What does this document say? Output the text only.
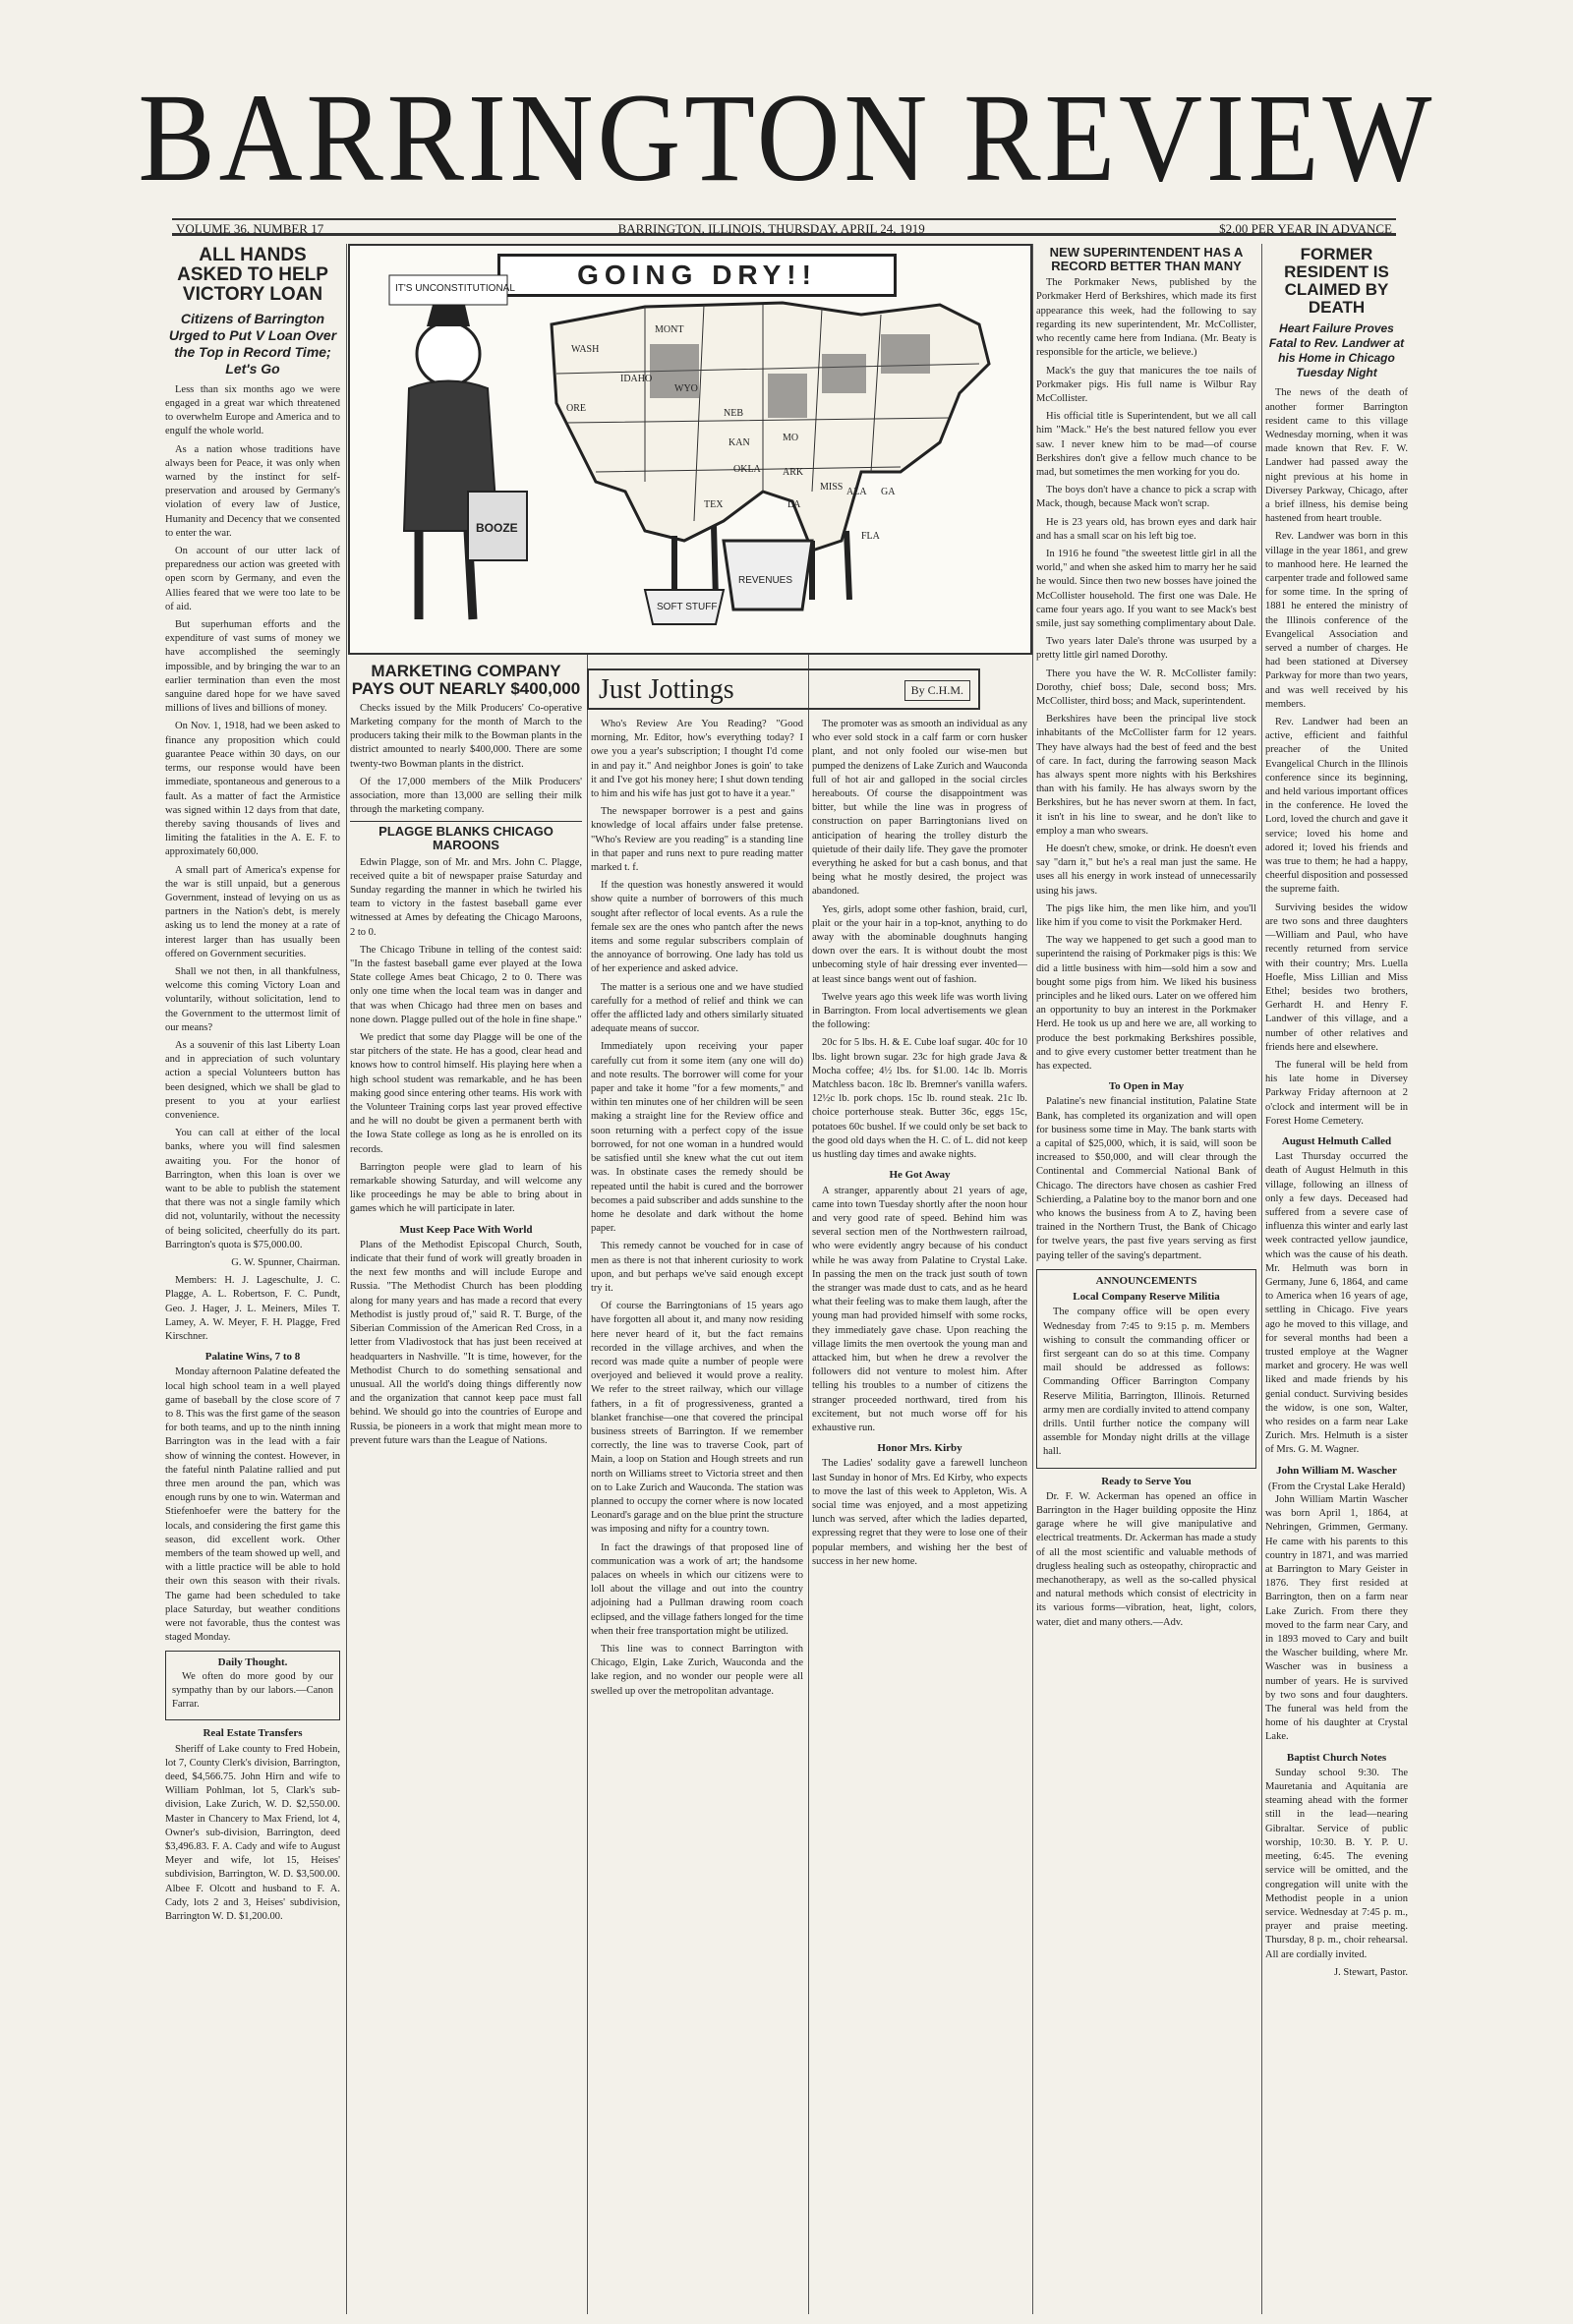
BARRINGTON REVIEW
VOLUME 36, NUMBER 17	BARRINGTON, ILLINOIS, THURSDAY, APRIL 24, 1919	$2.00 PER YEAR IN ADVANCE
ALL HANDS ASKED TO HELP VICTORY LOAN
Citizens of Barrington Urged to Put V Loan Over the Top in Record Time; Let's Go

Less than six months ago we were engaged in a great war which threatened to overwhelm Europe and America and to engulf the whole world.

As a nation whose traditions have always been for Peace, it was only when warned by the instinct for self-preservation and aroused by Germany's violation of every law of Justice, Humanity and Decency that we consented to enter the war.

On account of our utter lack of preparedness our action was greeted with open scorn by Germany, and even the Allies feared that we were too late to be of aid.

But superhuman efforts and the expenditure of vast sums of money we have accomplished the seemingly impossible, and by bringing the war to an earlier termination than even the most sanguine dared hope for we have saved millions of lives and billions of money.

On Nov. 1, 1918, had we been asked to finance any proposition which could guarantee Peace within 30 days, on our terms, our response would have been immediate, spontaneous and generous to a fault. As a matter of fact the Armistice was signed within 12 days from that date, thereby saving thousands of lives and limiting the fatalities in the A. E. F. to approximately 60,000.

A small part of America's expense for the war is still unpaid, but a generous Government, instead of levying on us as partners in the Nation's debt, is merely asking us to lend the money at a rate of interest larger than has usually been offered on Government securities.

Shall we not then, in all thankfulness, welcome this coming Victory Loan and voluntarily, without solicitation, lend to the Government to the uttermost limit of our means?

As a souvenir of this last Liberty Loan and in appreciation of such voluntary action a special Volunteers button has been designed, which we shall be glad to present to you at your earliest convenience.

You can call at either of the local banks, where you will find salesmen awaiting you. For the honor of Barrington, when this loan is over we want to be able to publish the statement that there was not a single family which did not, voluntarily, without the necessity of being solicited, cheerfully do its part. Barrington's quota is $75,000.00.

G. W. Spunner, Chairman.

Members: H. J. Lageschulte, J. C. Plagge, A. L. Robertson, F. C. Pundt, Geo. J. Hager, J. L. Meiners, Miles T. Lamey, A. W. Meyer, F. H. Plagge, Fred Kirschner.

Palatine Wins, 7 to 8

Monday afternoon Palatine defeated the local high school team in a well played game of baseball by the close score of 7 to 8. This was the first game of the season for both teams, and up to the ninth inning Barrington was in the lead with a fair show of winning the contest. However, in the fateful ninth Palatine rallied and put three men around the pan, which was enough runs by one to win. Waterman and Stiefenhoefer were the battery for the locals, and considering the first game this season, did excellent work. Other members of the team showed up well, and with a little practice will be able to hold their own this season with their rivals. The game had been scheduled to take place Saturday, but weather conditions were not favorable, thus the contest was staged Monday.

Daily Thought.

We often do more good by our sympathy than by our labors.—Canon Farrar.

Real Estate Transfers

Sheriff of Lake county to Fred Hobein, lot 7, County Clerk's division, Barrington, deed, $4,566.75. John Hirn and wife to William Pohlman, lot 5, Clark's sub-division, Lake Zurich, W. D. $2,550.00. Master in Chancery to Max Friend, lot 4, Owner's sub-division, Barrington, deed $3,496.83. F. A. Cady and wife to August Meyer and wife, lot 15, Heises' subdivision, Barrington, W. D. $3,500.00. Albee F. Olcott and husband to F. A. Cady, lots 2 and 3, Heises' subdivision, Barrington W. D. $1,200.00.

GOING DRY!!
IT'S UNCONSTITUTIONAL
BOOZE
SOFT STUFF
REVENUES
WASH
MONT
ORE
IDAHO
WYO
NEB
KAN
OKLA
TEX
MO
ARK
LA
MISS ALA GA
FLA
MARKETING COMPANY PAYS OUT NEARLY $400,000

Checks issued by the Milk Producers' Co-operative Marketing company for the month of March to the producers taking their milk to the Bowman plants in the district amounted to nearly $400,000. There are some twenty-two Bowman plants in the district.

Of the 17,000 members of the Milk Producers' association, more than 13,000 are selling their milk through the marketing company.

PLAGGE BLANKS CHICAGO MAROONS

Edwin Plagge, son of Mr. and Mrs. John C. Plagge, received quite a bit of newspaper praise Saturday and Sunday regarding the manner in which he twirled his team to victory in the fastest baseball game ever witnessed at Ames by defeating the Chicago Maroons, 2 to 0.

The Chicago Tribune in telling of the contest said: "In the fastest baseball game ever played at the Iowa State college Ames beat Chicago, 2 to 0. There was only one time when the local team was in danger and that was when Chicago had three men on bases and none down. Plagge pulled out of the hole in fine shape."

We predict that some day Plagge will be one of the star pitchers of the state. He has a good, clear head and knows how to control himself. His playing here when a high school student was remarkable, and he has been making good since entering other teams. His work with the Volunteer Training corps last year proved effective and he will no doubt be given a permanent berth with the Iowa State college as long as he is enrolled on its records.

Barrington people were glad to learn of his remarkable showing Saturday, and will welcome any like proceedings he may be able to bring about in games which he will participate in later.

Must Keep Pace With World

Plans of the Methodist Episcopal Church, South, indicate that their fund of work will greatly broaden in the next few months and will include Europe and Russia. "The Methodist Church has been plodding along for many years and has made a record that every Methodist is justly proud of," said R. T. Burge, of the Siberian Commission of the American Red Cross, in a letter from Vladivostock that has just been received at headquarters in Nashville. "It is time, however, for the Methodist Church to do something sensational and unusual. All the world's doing things differently now and the organization that cannot keep pace must fall behind. We should go into the countries of Europe and Russia, be pioneers in a work that might mean more to prevent future wars than the League of Nations.

Just Jottings	By C.H.M.

Who's Review Are You Reading? "Good morning, Mr. Editor, how's everything today? I owe you a year's subscription; I thought I'd come in and pay it." And neighbor Jones is goin' to take it and I've got his money here; I shut down tending to him and his wife has just got to have it a year."

The newspaper borrower is a pest and gains knowledge of local affairs under false pretense. "Who's Review are you reading" is a standing line in that paper and runs next to pure reading matter marked t. f.

If the question was honestly answered it would show quite a number of borrowers of this much sought after reflector of local events. As a rule the female sex are the ones who pantch after the news items and some regular subscribers complain of the annoyance of borrowing. One lady has told us of her experience and asked advice.

The matter is a serious one and we have studied carefully for a method of relief and think we can offer the afflicted lady and others similarly situated adequate means of succor.

Immediately upon receiving your paper carefully cut from it some item (any one will do) and note results. The borrower will come for your paper and take it home "for a few moments," and within ten minutes one of her children will be seen making a straight line for the Review office and soon returning with a perfect copy of the issue borrowed, for not one woman in a hundred would be satisfied until she knew what the cut out item was. In obstinate cases the remedy should be repeated until the habit is cured and the borrower becomes a paid subscriber and adds sunshine to the home he desolate and dark without the home paper.

This remedy cannot be vouched for in case of men as there is not that inherent curiosity to work upon, and but perhaps we've said enough except try it.

Of course the Barringtonians of 15 years ago have forgotten all about it, and many now residing here never heard of it, but the fact remains recorded in the village archives, and when the record was made quite a number of people were overjoyed and believed it would prove a reality. We refer to the street railway, which our village fathers, in a fit of progressiveness, granted a blanket franchise—one that covered the principal business streets of Barrington. If we remember correctly, the line was to traverse Cook, part of Main, a loop on Station and Hough streets and run north on Williams street to Victoria street and then on to Lake Zurich and Wauconda. The station was planned to occupy the corner where is now located Leonard's garage and on the blue print the structure was imposing and nifty for a country town.

In fact the drawings of that proposed line of communication was a work of art; the handsome palaces on wheels in which our citizens were to loll about the village and out into the country adjoining had a Pullman drawing room coach eclipsed, and the village fathers longed for the time when their free transportation might be utilized.

This line was to connect Barrington with Chicago, Elgin, Lake Zurich, Wauconda and the lake region, and no wonder our people were all swelled up over the metropolitan advantage.

The promoter was as smooth an individual as any who ever sold stock in a calf farm or corn husker plant, and not only fooled our wise-men but pumped the denizens of Lake Zurich and Wauconda full of hot air and galloped in the social circles hereabouts. Of course the disappointment was bitter, but while the line was in progress of construction on paper Barringtonians lived on anticipation of hearing the trolley disturb the quietude of their daily life. They gave the promoter everything he asked for but a cash bonus, and that being what he mostly desired, the project was abandoned.

Yes, girls, adopt some other fashion, braid, curl, plait or the your hair in a top-knot, anything to do away with the abominable doughnuts hanging down over the ears. It is without doubt the most unbecoming style of hair dressing ever invented—at least since bangs went out of fashion.

Twelve years ago this week life was worth living in Barrington. From local advertisements we glean the following:

20c for 5 lbs. H. & E. Cube loaf sugar. 40c for 10 lbs. light brown sugar. 23c for high grade Java & Mocha coffee; 4½ lbs. for $1.00. 14c lb. Morris Matchless bacon. 18c lb. Bremner's vanilla wafers. 12½c lb. pork chops. 15c lb. round steak. 21c lb. choice porterhouse steak. Butter 36c, eggs 15c, potatoes 60c bushel. If we could only be set back to the good old days when the H. C. of L. did not keep us hustling day times and awake nights.

He Got Away

A stranger, apparently about 21 years of age, came into town Tuesday shortly after the noon hour and very good rate of speed. Behind him was several section men of the Northwestern railroad, who were evidently angry because of his conduct while he was away from Palatine to Crystal Lake. In passing the men on the track just south of town the stranger was made dust to cats, and as he heard what their feeling was to make them laugh, after the young man had provided himself with some rocks, they immediately gave chase. Upon reaching the village limits the men overtook the young man and attacked him, but when he drew a revolver the followers did not venture to molest him. After telling his troubles to a number of citizens the stranger proceeded northward, tired from his excitement, but not much worse off for his exhaustive run.

Honor Mrs. Kirby

The Ladies' sodality gave a farewell luncheon last Sunday in honor of Mrs. Ed Kirby, who expects to move the last of this week to Appleton, Wis. A social time was enjoyed, and a most appetizing lunch was served, after which the ladies departed, expressing regret that they were to lose one of their popular members, and wishing her the best of success in her new home.

NEW SUPERINTENDENT HAS A RECORD BETTER THAN MANY

The Porkmaker News, published by the Porkmaker Herd of Berkshires, which made its first appearance this week, had the following to say regarding its new superintendent, Mr. McCollister, who recently came here from Indiana. (Mr. Beaty is responsible for the article, we believe.)

Mack's the guy that manicures the toe nails of Porkmaker pigs. His full name is Wilbur Ray McCollister.

His official title is Superintendent, but we all call him "Mack." He's the best natured fellow you ever saw. I never knew him to be mad—of course Berkshires don't give a fellow much chance to be mad, but sometimes the men working for you do.

The boys don't have a chance to pick a scrap with Mack, though, because Mack won't scrap.

He is 23 years old, has brown eyes and dark hair and has a small scar on his left big toe.

In 1916 he found "the sweetest little girl in all the world," and when she asked him to marry her he said he would. Since then two new bosses have joined the McCollister household. The first one was Dale. He came four years ago. If you want to see Mack's best smile, just say something complimentary about Dale.

Two years later Dale's throne was usurped by a pretty little girl named Dorothy.

There you have the W. R. McCollister family: Dorothy, chief boss; Dale, second boss; Mrs. McCollister, third boss; and Mack, superintendent.

Berkshires have been the principal live stock inhabitants of the McCollister farm for 12 years. They have always had the best of feed and the best of care. In fact, during the farrowing season Mack has always spent more nights with his Berkshires than with his family. He has always sworn by the Berkshires, but he has never sworn at them. In fact, it isn't in his line to swear, and he don't like to employ a man who swears.

He doesn't chew, smoke, or drink. He doesn't even say "darn it," but he's a real man just the same. He uses all his energy in work instead of unnecessarily using his jaws.

The pigs like him, the men like him, and you'll like him if you come to visit the Porkmaker Herd.

The way we happened to get such a good man to superintend the raising of Porkmaker pigs is this: We did a little business with him—sold him a sow and bought some pigs from him. We liked his business principles and he liked ours. Later on we offered him an opportunity to buy an interest in the Porkmaker Herd. He took us up and here we are, all working to produce the best porkmaking Berkshires possible, and to give every customer better treatment than he has expected.

To Open in May

Palatine's new financial institution, Palatine State Bank, has completed its organization and will open for business some time in May. The bank starts with a capital of $25,000, which, it is said, will soon be increased to $50,000, and will clear through the Continental and Commercial National Bank of Chicago. The directors have chosen as cashier Fred Schierding, a Palatine boy to the manor born and one who knows the business from A to Z, having been trained in the Northern Trust, the Bank of Chicago for twelve years, the past five years serving as first paying teller of the saving's department.

ANNOUNCEMENTS
Local Company Reserve Militia

The company office will be open every Wednesday from 7:45 to 9:15 p. m. Members wishing to consult the commanding officer or first sergeant can do so at this time. Company mail should be addressed as follows: Commanding Officer Barrington Company Reserve Militia, Barrington, Illinois. Returned army men are cordially invited to attend company drills. Until further notice the company will assemble for Monday night drills at the village hall.

Ready to Serve You

Dr. F. W. Ackerman has opened an office in Barrington in the Hager building opposite the Hinz garage where he will give manipulative and electrical treatments. Dr. Ackerman has made a study of all the most scientific and valuable methods of drugless healing such as osteopathy, chiropractic and mechanotherapy, as well as the so-called physical and natural methods which consist of electricity in its various forms—vibration, heat, light, colors, water, diet and many others.—Adv.

FORMER RESIDENT IS CLAIMED BY DEATH
Heart Failure Proves Fatal to Rev. Landwer at his Home in Chicago Tuesday Night

The news of the death of another former Barrington resident came to this village Wednesday morning, when it was made known that Rev. F. W. Landwer had passed away the night previous at his home in Diversey Parkway, Chicago, after a brief illness, his demise being hastened from heart trouble.

Rev. Landwer was born in this village in the year 1861, and grew to manhood here. He learned the carpenter trade and followed same for some time. In the spring of 1881 he entered the ministry of the Illinois conference of the Evangelical Association and served a number of charges. He had been stationed at Diversey Parkway for more than two years, and was well received by his members.

Rev. Landwer had been an active, efficient and faithful preacher of the United Evangelical Church in the Illinois conference since its beginning, and held various important offices in the conference. He loved the Lord, loved the church and gave it service; loved his home and adored it; loved his friends and was true to them; he had a happy, cheerful disposition and possessed the supreme faith.

Surviving besides the widow are two sons and three daughters—William and Paul, who have recently returned from service with their country; Mrs. Luella Hoefle, Miss Lillian and Miss Ethel; besides two brothers, Gerhardt H. and Henry F. Landwer of this village, and a number of other relatives and friends here and elsewhere.

The funeral will be held from his late home in Diversey Parkway Friday afternoon at 2 o'clock and interment will be in Forest Home Cemetery.

August Helmuth Called

Last Thursday occurred the death of August Helmuth in this village, following an illness of only a few days. Deceased had suffered from a severe case of influenza this winter and early last week contracted yellow jaundice, which was the cause of his death. Mr. Helmuth was born in Germany, June 6, 1864, and came to America when 16 years of age, settling in Chicago. Five years ago he moved to this village, and for several months had been a trusted employe at the Wagner market and grocery. He was well liked and made friends by his genial conduct. Surviving besides the widow, is one son, Walter, who resides on a farm near Lake Zurich. Mrs. Helmuth is a sister of Mrs. G. M. Wagner.

John William M. Wascher
(From the Crystal Lake Herald)

John William Martin Wascher was born April 1, 1864, at Nehringen, Grimmen, Germany. He came with his parents to this country in 1871, and was married at Barrington to Mary Geister in 1876. They first resided at Barrington, then on a farm near Lake Zurich. From there they moved to the farm near Cary, and in 1893 moved to Cary and built the Wascher building, where Mr. Wascher was in business a number of years. He is survived by two sons and four daughters. The funeral was held from the home of his daughter at Crystal Lake.

Baptist Church Notes

Sunday school 9:30. The Mauretania and Aquitania are steaming ahead with the former still in the lead—nearing Gibraltar. Service of public worship, 10:30. B. Y. P. U. meeting, 6:45. The evening service will be omitted, and the congregation will unite with the Methodist people in a union service. Wednesday at 7:45 p. m., prayer and praise meeting. Thursday, 8 p. m., choir rehearsal. All are cordially invited.

J. Stewart, Pastor.
